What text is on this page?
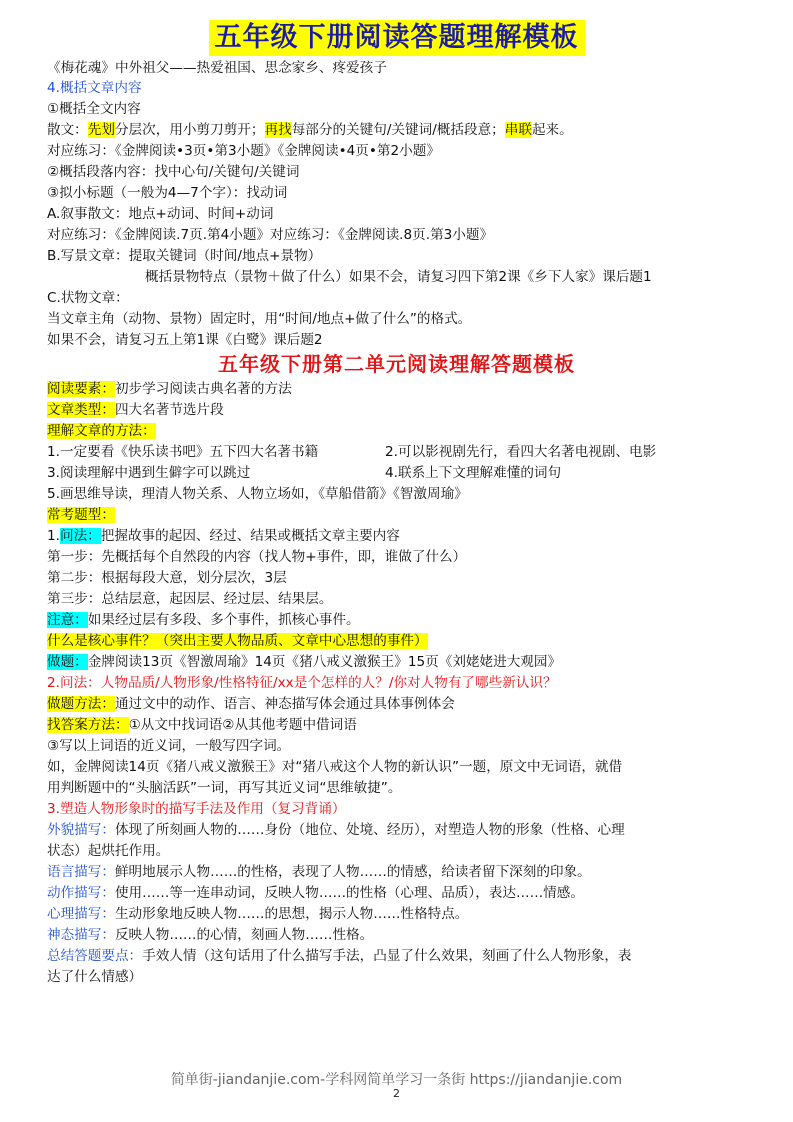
五年级下册阅读答题理解模板
《梅花魂》中外祖父——热爱祖国、思念家乡、疼爱孩子
4.概括文章内容
①概括全文内容
散文：先划分层次，用小剪刀剪开；再找每部分的关键句/关键词/概括段意；串联起来。
对应练习：《金牌阅读•3页•第3小题》《金牌阅读•4页•第2小题》
②概括段落内容：找中心句/关键句/关键词
③拟小标题（一般为4—7个字）：找动词
A.叙事散文：地点+动词、时间+动词
对应练习：《金牌阅读.7页.第4小题》对应练习：《金牌阅读.8页.第3小题》
B.写景文章：提取关键词（时间/地点+景物）
概括景物特点（景物＋做了什么）如果不会，请复习四下第2课《乡下人家》课后题1
C.状物文章：
当文章主角（动物、景物）固定时，用“时间/地点+做了什么”的格式。
如果不会，请复习五上第1课《白鹭》课后题2
五年级下册第二单元阅读理解答题模板
阅读要素：初步学习阅读古典名著的方法
文章类型：四大名著节选片段
理解文章的方法：
1.一定要看《快乐读书吧》五下四大名著书籍	2.可以影视剧先行，看四大名著电视剧、电影
3.阅读理解中遇到生僻字可以跳过	4.联系上下文理解难懂的词句
5.画思维导读，理清人物关系、人物立场如，《草船借箭》《智激周瑜》
常考题型：
1.问法：把握故事的起因、经过、结果或概括文章主要内容
第一步：先概括每个自然段的内容（找人物+事件，即，谁做了什么）
第二步：根据每段大意，划分层次，3层
第三步：总结层意，起因层、经过层、结果层。
注意：如果经过层有多段、多个事件，抓核心事件。
什么是核心事件？（突出主要人物品质、文章中心思想的事件）
做题：金牌阅读13页《智激周瑜》14页《猪八戒义激猴王》15页《刘姥姥进大观园》
2.问法：人物品质/人物形象/性格特征/xx是个怎样的人？/你对人物有了哪些新认识？
做题方法：通过文中的动作、语言、神态描写体会通过具体事例体会
找答案方法：①从文中找词语②从其他考题中借词语
③写以上词语的近义词，一般写四字词。
如，金牌阅读14页《猪八戒义激猴王》对“猪八戒这个人物的新认识”一题，原文中无词语，就借
用判断题中的“头脑活跃”一词，再写其近义词“思维敏捷”。
3.塑造人物形象时的描写手法及作用（复习背诵）
外貌描写：体现了所刻画人物的……身份（地位、处境、经历），对塑造人物的形象（性格、心理
状态）起烘托作用。
语言描写：鲜明地展示人物……的性格，表现了人物……的情感，给读者留下深刻的印象。
动作描写：使用……等一连串动词，反映人物……的性格（心理、品质），表达……情感。
心理描写：生动形象地反映人物……的思想，揭示人物……性格特点。
神态描写：反映人物……的心情，刻画人物……性格。
总结答题要点：手效人情（这句话用了什么描写手法，凸显了什么效果，刻画了什么人物形象，表
达了什么情感）
简单街-jiandanjie.com-学科网简单学习一条街 https://jiandanjie.com
2
